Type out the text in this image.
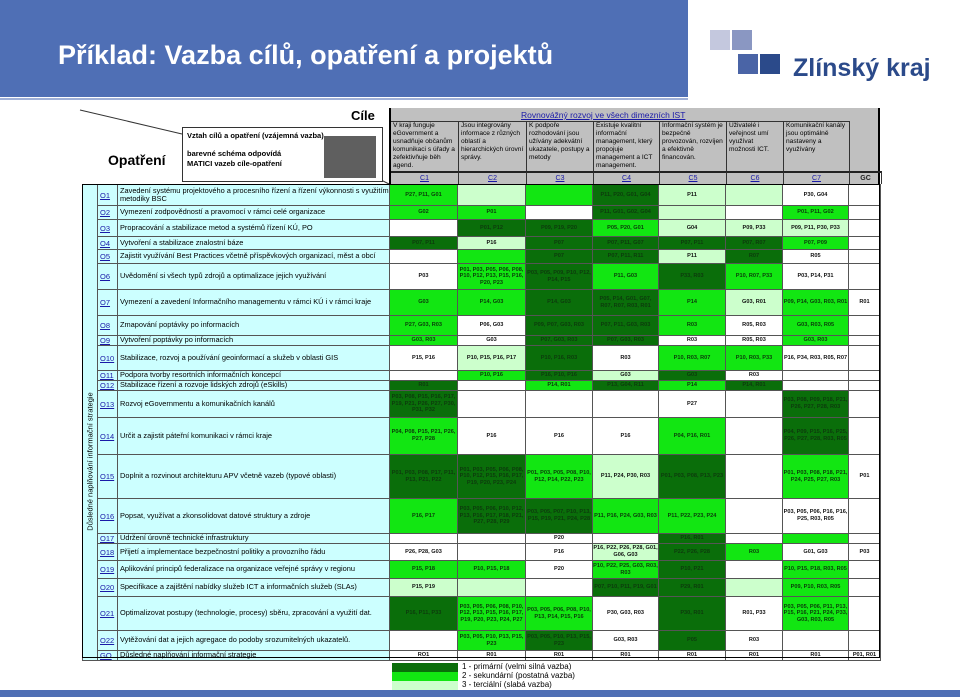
Příklad: Vazba cílů, opatření a projektů	Zlínský kraj
Opatření
Cíle
Vztah cílů a opatření (vzájemná vazba)
barevné schéma odpovídá
MATICI vazeb cíle-opatření
Rovnovážný rozvoj ve všech dimezních IST
V kraji funguje eGovernment a usnadňuje občanům komunikaci s úřady a zefektivňuje běh agend.
C1
Jsou integrovány informace z různých oblastí a hierarchických úrovní správy.
C2
K podpoře rozhodování jsou užívány adekvátní ukazatele, postupy a metody
C3
Existuje kvalitní informační management, který propojuje management a ICT management.
C4
Informační systém je bezpečně provozován, rozvíjen a efektivně financován.
C5
Uživatelé i veřejnost umí využívat možnosti ICT.
C6
Komunikační kanály jsou optimálně nastaveny a využívány
C7	GC
	O1	Zavedení systému projektového a procesního řízení a řízení výkonnosti s využitím metodiky BSC	P27, P11, G01			P11, P20, G01, G04	P11		P30, G04	
	O2	Vymezení zodpovědností a pravomocí v rámci celé organizace	G02	P01		P11, G01, G02, G04			P01, P11, G02	
	O3	Propracování a stabilizace metod a systémů řízení KÚ, PO		P01, P12	P09, P19, P20	P05, P20, G01	G04	P09, P33	P09, P11, P30, P33	
	O4	Vytvoření a stabilizace znalostní báze	P07, P11	P16	P07	P07, P11, G07	P07, P11	P07, R07	P07, P09	
	O5	Zajistit využívání Best Practices včetně příspěvkových organizací, měst a obcí			P07	P07, P11, R11	P11	R07	R05	
	O6	Uvědomění si všech typů zdrojů a optimalizace jejich využívání	P03	P01, P03, P05, P06, P08, P10, P12, P13, P15, P16, P20, P23	P03, P05, P09, P10, P12, P14, P15	P11, G03	P33, R03	P10, R07, P33	P03, P14, P31	
	O7	Vymezení a zavedení Informačního managementu v rámci KÚ i v rámci kraje	G03	P14, G03	P14, G03	P05, P14, G01, G07, R07, R07, R03, R01	P14	G03, R01	P09, P14, G03, R03, R01	R01
	O8	Zmapování poptávky po informacích	P27, G03, R03	P06, G03	P09, P07, G03, R03	P07, P11, G03, R03	R03	R05, R03	G03, R03, R05	
	O9	Vytvoření poptávky po informacích	G03, R03	G03	P07, G03, R03	P07, G03, R03	R03	R05, R03	G03, R03	
	O10	Stabilizace, rozvoj a používání geoinformací a služeb v oblasti GIS	P15, P16	P10, P15, P16, P17	P10, P16, R03	R03	P10, R03, R07	P10, R03, P33	P16, P34, R03, R05, R07	
	O11	Podpora tvorby resortních informačních koncepcí		P10, P16	P16, P10, P16	G03	G03	R03		
	O12	Stabilizace řízení a rozvoje lidských zdrojů (eSkills)	R01		P14, R01	P13, G04, R11	P14	P14, R01		
	O13	Rozvoj eGovernmentu a komunikačních kanálů	P03, P08, P15, P16, P17, P19, P21, P26, P27, P30, P31, P32				P27		P03, P08, P09, P18, P21, P26, P27, P28, R03	
	O14	Určit a zajistit páteřní komunikaci v rámci kraje	P04, P08, P15, P21, P26, P27, P28	P16	P16	P16	P04, P16, R01		P04, P09, P15, P16, P25, P26, P27, P28, R03, R05	
	O15	Doplnit a rozvinout architekturu APV včetně vazeb (typové oblasti)	P01, P03, P08, P17, P11, P13, P21, P22	P01, P03, P05, P06, P08, P10, P12, P15, P16, P17, P19, P20, P23, P24	P01, P03, P05, P08, P10, P12, P14, P22, P23	P11, P24, P30, R03	P01, P03, P08, P13, P23		P01, P03, P08, P18, P21, P24, P25, P27, R03	P01
	O16	Popsat, využívat a zkonsolidovat datové struktury a zdroje	P16, P17	P03, P05, P06, P10, P12, P13, P16, P17, P18, P21, P27, P28, P29	P03, P05, P07, P10, P13, P15, P19, P21, P24, P28	P11, P16, P24, G03, R03	P11, P22, P23, P24		P03, P05, P06, P16, P16, P25, R03, R05	
	O17	Udržení úrovně technické infrastruktury			P20		P16, R01			
	O18	Přijetí a implementace bezpečnostní politiky a provozního řádu	P26, P28, G03		P16	P16, P22, P26, P28, G01, G06, G03	P22, P26, P28	R03	G01, G03	P03
	O19	Aplikování principů federalizace na organizace veřejné správy v regionu	P15, P18	P10, P15, P18	P20	P10, P22, P25, G03, R03, R03	P10, P21		P10, P15, P18, R03, R05	
	O20	Specifikace a zajištění nabídky služeb ICT a informačních služeb (SLAs)	P15, P19			P07, P10, P11, P19, G01	P29, R01		P09, P10, R03, R05	
	O21	Optimalizovat postupy (technologie, procesy) sběru, zpracování a využití dat.	P16, P11, P33	P03, P05, P06, P08, P10, P12, P13, P15, P16, P17, P19, P20, P23, P24, P27	P03, P05, P06, P08, P10, P13, P14, P15, P16	P30, G03, R03	P30, R01	R01, P33	P03, P05, P06, P11, P13, P15, P16, P21, P24, P33, G03, R03, R05	
	O22	Vytěžování dat a jejich agregace do podoby srozumitelných ukazatelů.		P03, P05, P10, P13, P15, P23	P03, P05, P10, P13, P15, P23	G03, R03	P05	R03		
	GO	Důsledné naplňování informační strategie	RO1	R01	R01	R01	R01	R01	R01	P01, R01
Důsledné naplňování informační strategie
1 - primární (velmi silná vazba)
2 - sekundární (postatná vazba)
3 - terciální (slabá vazba)
